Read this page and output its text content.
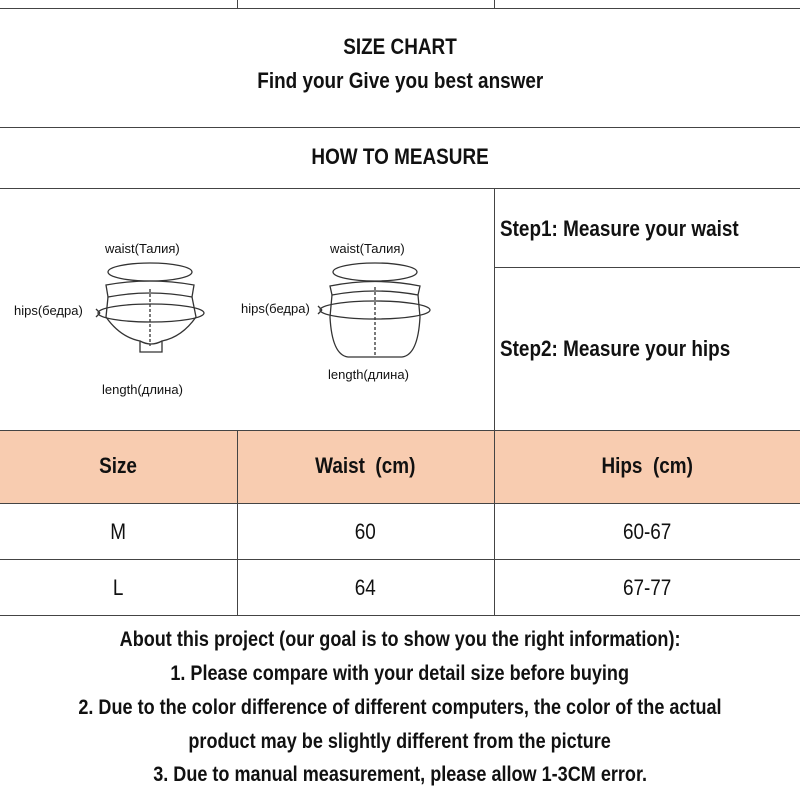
SIZE CHART
Find your Give you best answer
HOW TO MEASURE
waist(Талия)
hips(бедра)
length(длина)
waist(Талия)
hips(бедра)
length(длина)
Step1: Measure your waist
Step2: Measure your hips
Size	Waist  (cm)	Hips  (cm)
M	60	60-67
L	64	67-77
About this project (our goal is to show you the right information):
1. Please compare with your detail size before buying
2. Due to the color difference of different computers, the color of the actual
product may be slightly different from the picture
3. Due to manual measurement, please allow 1-3CM error.
